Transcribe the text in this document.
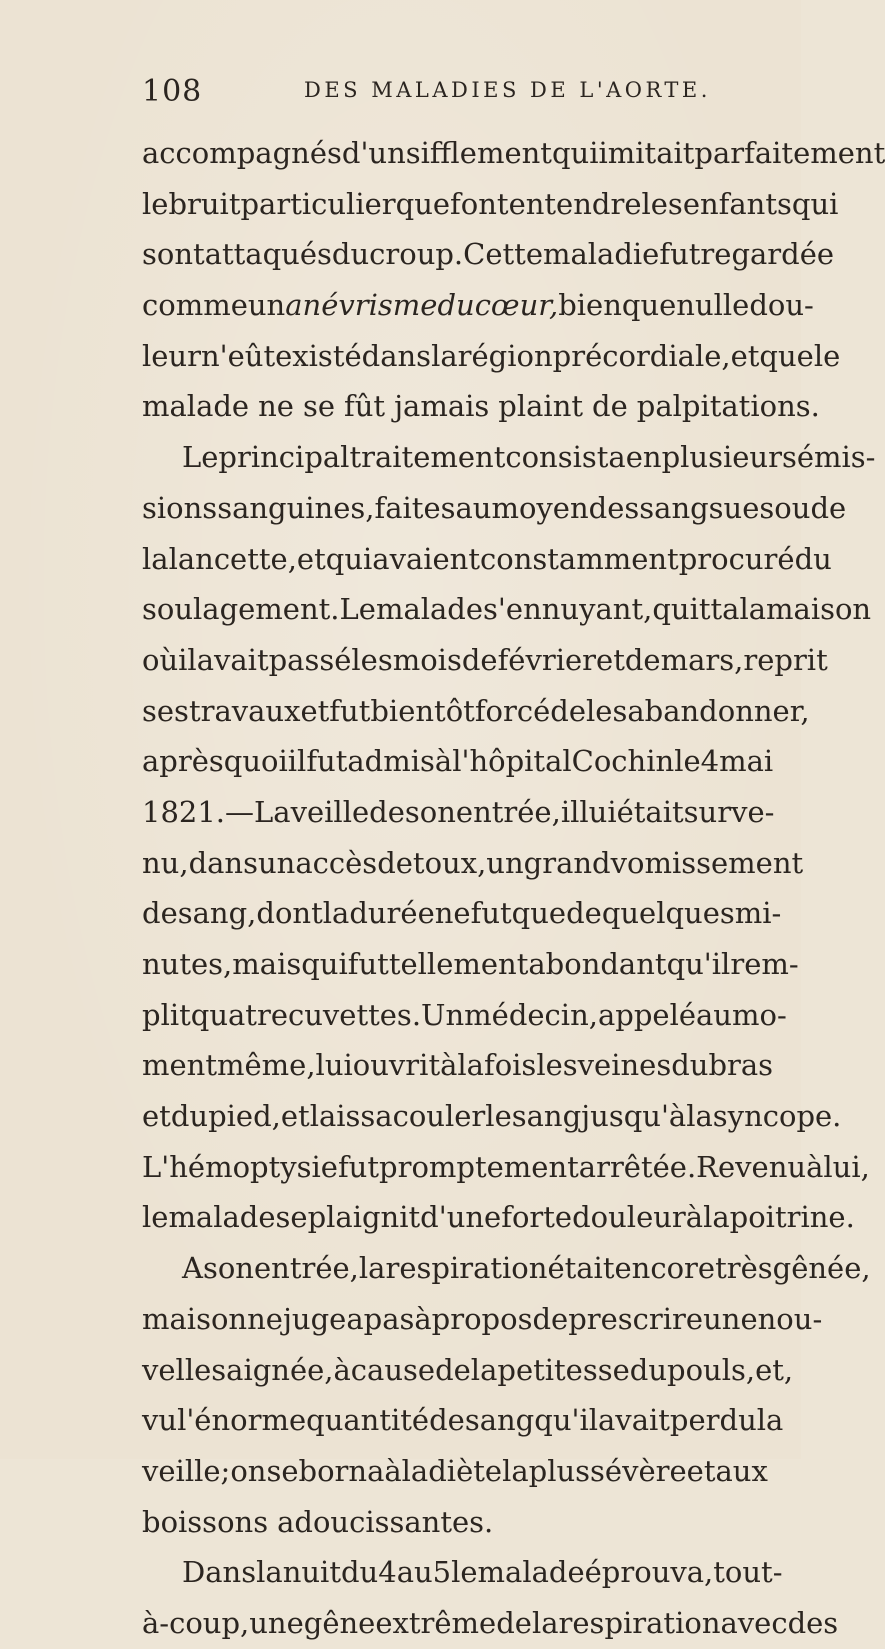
108	DES MALADIES DE L'AORTE.
accompagnés d'un sifflement qui imitait parfaitement
le bruit particulier que font entendre les enfants qui
sont attaqués du croup. Cette maladie fut regardée
comme un anévrisme du cœur, bien que nulle dou-
leur n'eût existé dans la région précordiale, et que le
malade ne se fût jamais plaint de palpitations.
Le principal traitement consista en plusieurs émis-
sions sanguines, faites au moyen des sangsues ou de
la lancette, et qui avaient constamment procuré du
soulagement. Le malade s'ennuyant, quitta la maison
où il avait passé les mois de février et de mars, reprit
ses travaux et fut bientôt forcé de les abandonner,
après quoi il fut admis à l'hôpital Cochin le 4 mai
1821. — La veille de son entrée, il lui était surve-
nu, dans un accès de toux, un grand vomissement
de sang, dont la durée ne fut que de quelques mi-
nutes, mais qui fut tellement abondant qu'il rem-
plit quatre cuvettes. Un médecin, appelé au mo-
ment même, lui ouvrit à la fois les veines du bras
et du pied, et laissa couler le sang jusqu'à la syncope.
L'hémoptysie fut promptement arrêtée. Revenu à lui,
le malade se plaignit d'une forte douleur à la poitrine.
A son entrée, la respiration était encore très gênée,
mais on ne jugea pas à propos de prescrire une nou-
velle saignée, à cause de la petitesse du pouls, et,
vu l'énorme quantité de sang qu'il avait perdu la
veille; on se borna à la diète la plus sévère et aux
boissons adoucissantes.
Dans la nuit du 4 au 5 le malade éprouva, tout-
à-coup, une gêne extrême de la respiration avec des
